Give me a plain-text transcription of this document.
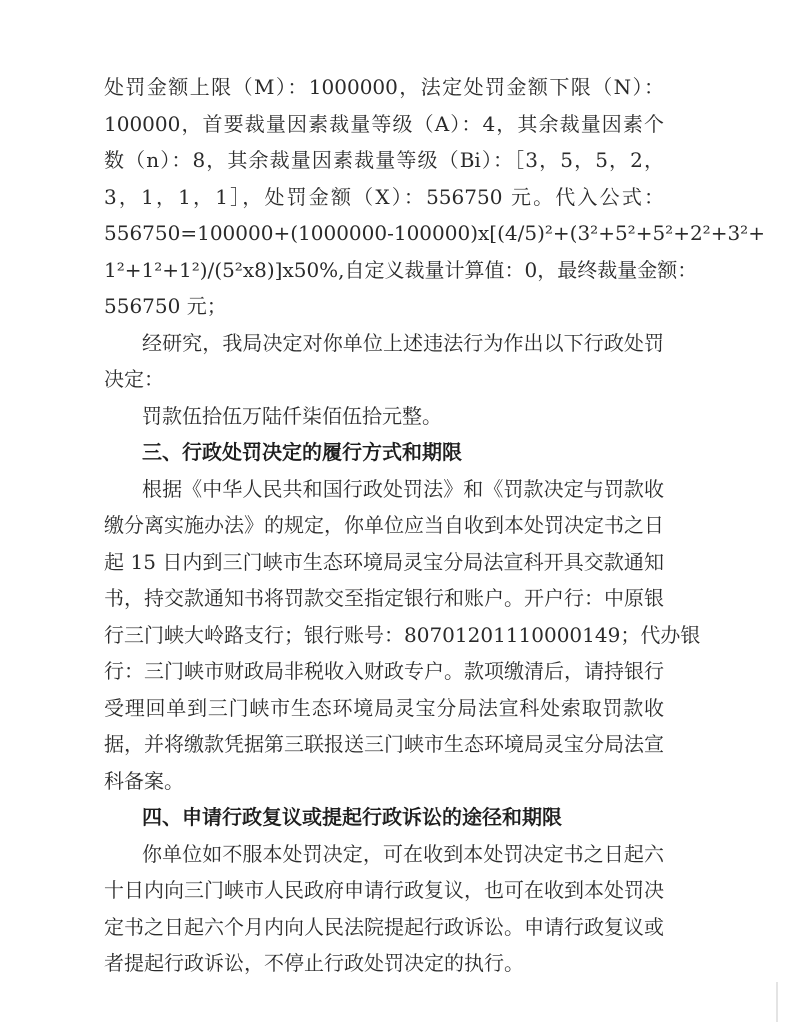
处罚金额上限（M）：1000000，法定处罚金额下限（N）：
100000，首要裁量因素裁量等级（A）：4，其余裁量因素个
数（n）：8，其余裁量因素裁量等级（Bi）：［3，5，5，2，
3，1，1，1］，处罚金额（X）：556750 元。代入公式：
556750=100000+(1000000-100000)x[(4/5)²+(3²+5²+5²+2²+3²+
1²+1²+1²)/(5²x8)]x50%,自定义裁量计算值：0，最终裁量金额：
556750 元；
经研究，我局决定对你单位上述违法行为作出以下行政处罚
决定：
罚款伍拾伍万陆仟柒佰伍拾元整。
三、行政处罚决定的履行方式和期限
根据《中华人民共和国行政处罚法》和《罚款决定与罚款收
缴分离实施办法》的规定，你单位应当自收到本处罚决定书之日
起 15 日内到三门峡市生态环境局灵宝分局法宣科开具交款通知
书，持交款通知书将罚款交至指定银行和账户。开户行：中原银
行三门峡大岭路支行；银行账号：80701201110000149；代办银
行：三门峡市财政局非税收入财政专户。款项缴清后，请持银行
受理回单到三门峡市生态环境局灵宝分局法宣科处索取罚款收
据，并将缴款凭据第三联报送三门峡市生态环境局灵宝分局法宣
科备案。
四、申请行政复议或提起行政诉讼的途径和期限
你单位如不服本处罚决定，可在收到本处罚决定书之日起六
十日内向三门峡市人民政府申请行政复议，也可在收到本处罚决
定书之日起六个月内向人民法院提起行政诉讼。申请行政复议或
者提起行政诉讼，不停止行政处罚决定的执行。
